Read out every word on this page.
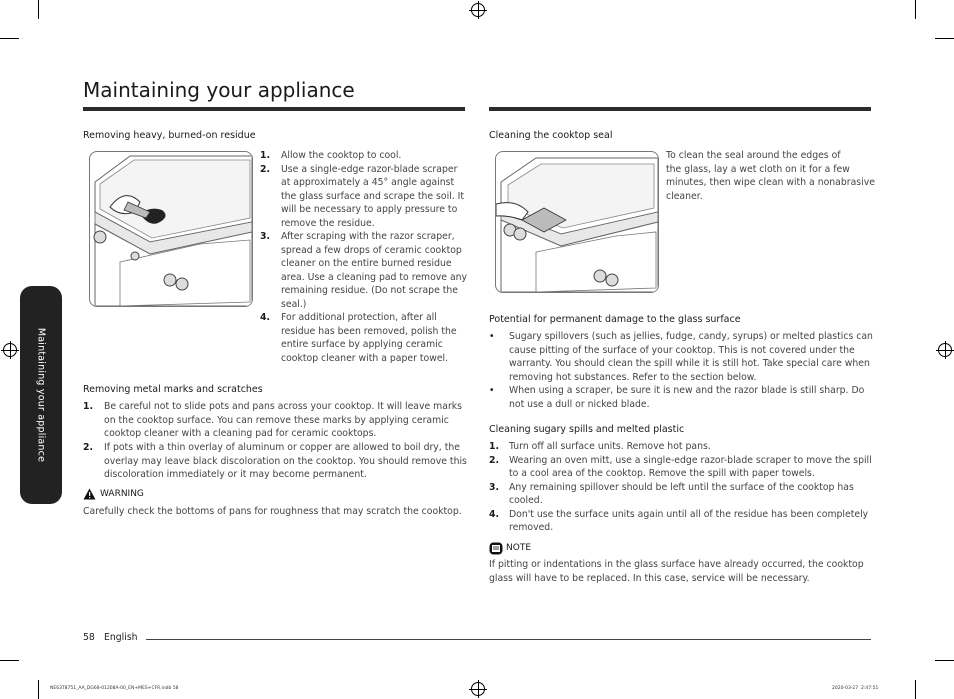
Maintaining your appliance
Maintaining your appliance
Removing heavy, burned-on residue
1. Allow the cooktop to cool.
2. Use a single-edge razor-blade scraper
at approximately a 45° angle against
the glass surface and scrape the soil. It
will be necessary to apply pressure to
remove the residue.
3. After scraping with the razor scraper,
spread a few drops of ceramic cooktop
cleaner on the entire burned residue
area. Use a cleaning pad to remove any
remaining residue. (Do not scrape the
seal.)
4. For additional protection, after all
residue has been removed, polish the
entire surface by applying ceramic
cooktop cleaner with a paper towel.
Removing metal marks and scratches
1. Be careful not to slide pots and pans across your cooktop. It will leave marks
on the cooktop surface. You can remove these marks by applying ceramic
cooktop cleaner with a cleaning pad for ceramic cooktops.
2. If pots with a thin overlay of aluminum or copper are allowed to boil dry, the
overlay may leave black discoloration on the cooktop. You should remove this
discoloration immediately or it may become permanent.
WARNING
Carefully check the bottoms of pans for roughness that may scratch the cooktop.
Cleaning the cooktop seal
To clean the seal around the edges of
the glass, lay a wet cloth on it for a few
minutes, then wipe clean with a nonabrasive
cleaner.
Potential for permanent damage to the glass surface
• Sugary spillovers (such as jellies, fudge, candy, syrups) or melted plastics can
cause pitting of the surface of your cooktop. This is not covered under the
warranty. You should clean the spill while it is still hot. Take special care when
removing hot substances. Refer to the section below.
• When using a scraper, be sure it is new and the razor blade is still sharp. Do
not use a dull or nicked blade.
Cleaning sugary spills and melted plastic
1. Turn off all surface units. Remove hot pans.
2. Wearing an oven mitt, use a single-edge razor-blade scraper to move the spill
to a cool area of the cooktop. Remove the spill with paper towels.
3. Any remaining spillover should be left until the surface of the cooktop has
cooled.
4. Don't use the surface units again until all of the residue has been completely
removed.
NOTE
If pitting or indentations in the glass surface have already occurred, the cooktop
glass will have to be replaced. In this case, service will be necessary.
58 English
NE63T8751_AA_DG68-01208A-00_EN+MES+CFR.indb 58	2020-03-27 ￼ 2:47:51
